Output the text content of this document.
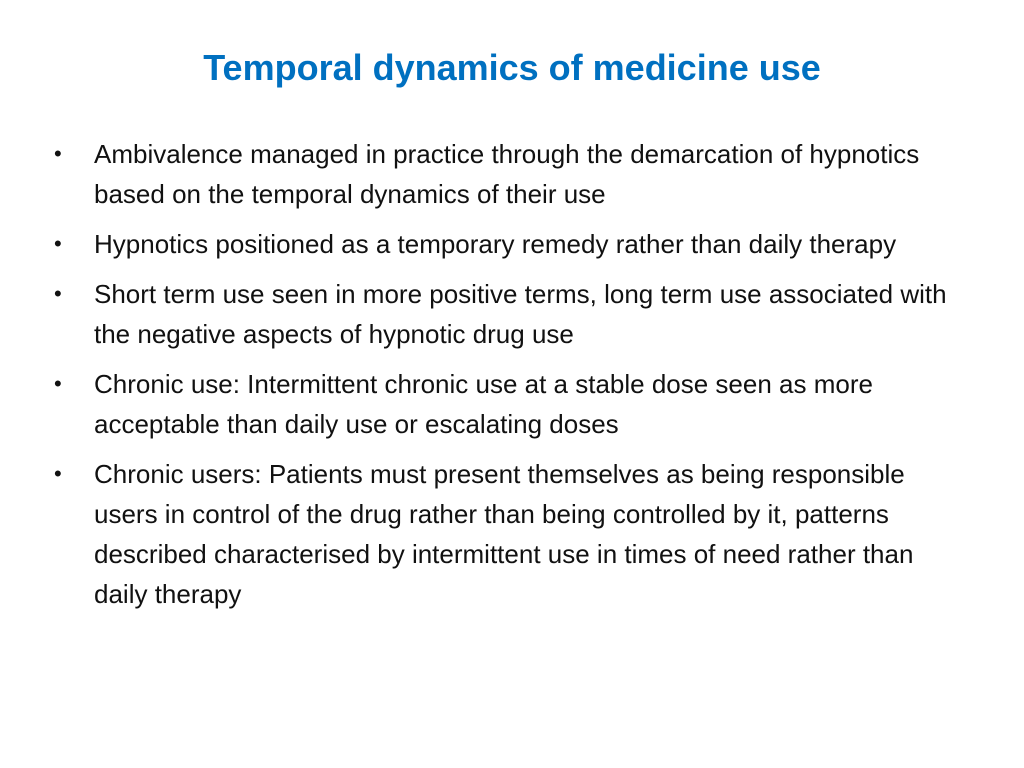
Temporal dynamics of medicine use
•	Ambivalence managed in practice through the demarcation of hypnotics based on the temporal dynamics of their use
•	Hypnotics positioned as a temporary remedy rather than daily therapy
•	Short term use seen in more positive terms, long term use associated with the negative aspects of hypnotic drug use
•	Chronic use: Intermittent chronic use at a stable dose seen as more acceptable than daily use or escalating doses
•	Chronic users: Patients must present themselves as being responsible users in control of the drug rather than being controlled by it, patterns described characterised by intermittent use in times of need rather than daily therapy
